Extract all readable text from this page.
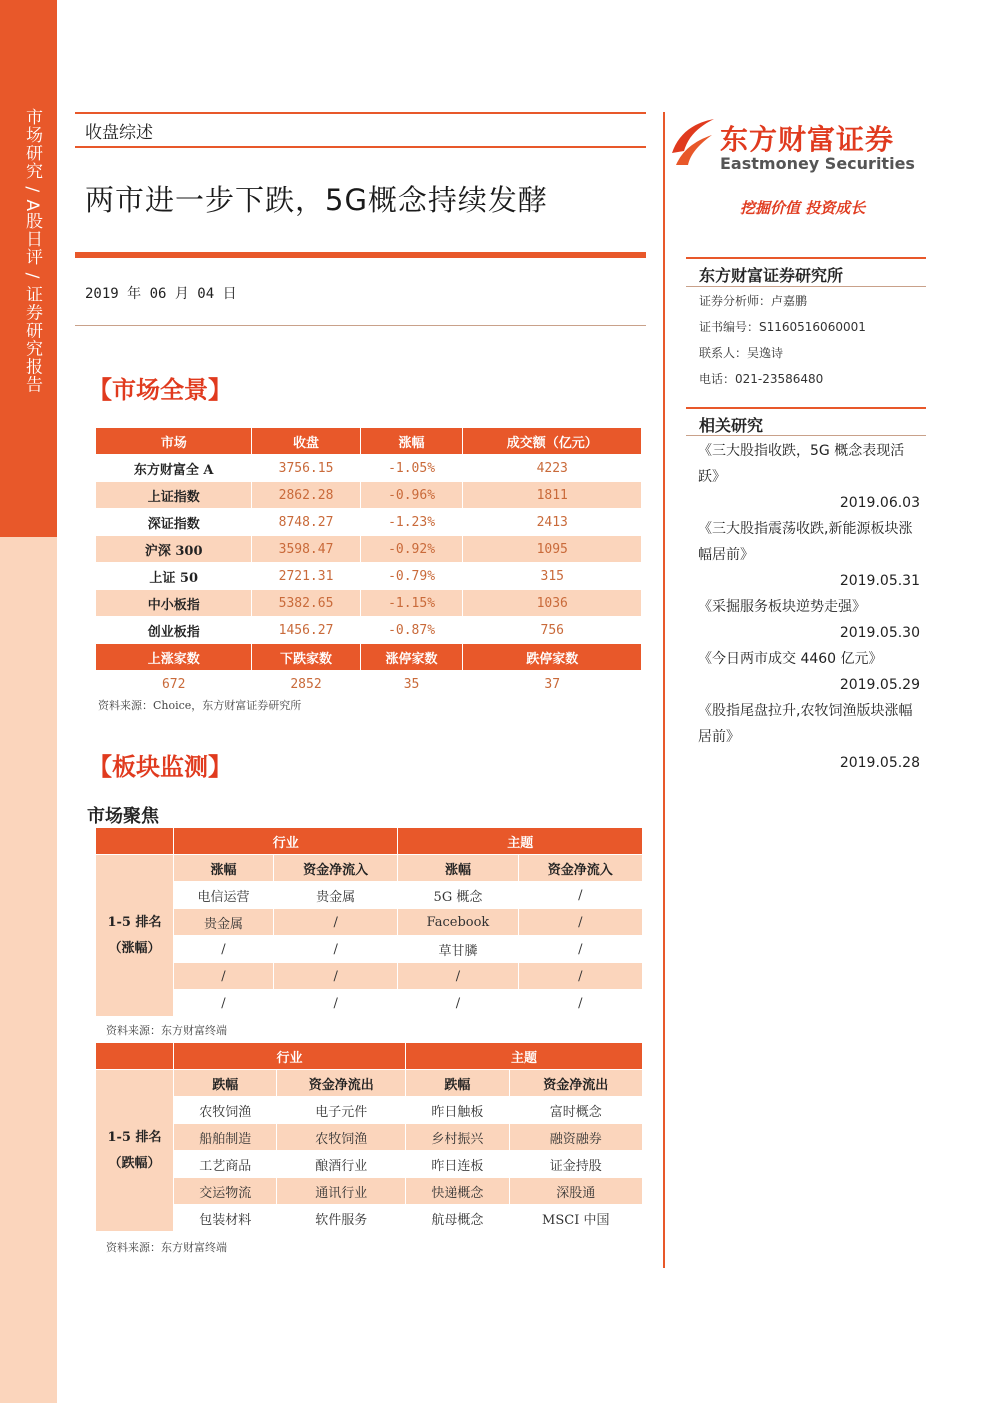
市场研究 / A股日评 / 证券研究报告	收盘综述
两市进一步下跌，5G概念持续发酵
2019 年 06 月 04 日
【市场全景】
市场	收盘	涨幅	成交额（亿元）
东方财富全 A	3756.15	-1.05%	4223
上证指数	2862.28	-0.96%	1811
深证指数	8748.27	-1.23%	2413
沪深 300	3598.47	-0.92%	1095
上证 50	2721.31	-0.79%	315
中小板指	5382.65	-1.15%	1036
创业板指	1456.27	-0.87%	756
上涨家数	下跌家数	涨停家数	跌停家数
672	2852	35	37
资料来源：Choice，东方财富证券研究所
【板块监测】
市场聚焦
	行业		主题	
1-5 排名（涨幅）	涨幅	资金净流入	涨幅	资金净流入
	电信运营	贵金属	5G 概念	/
	贵金属	/	Facebook	/
	/	/	草甘膦	/
	/	/	/	/
	/	/	/	/
资料来源：东方财富终端
	行业		主题	
1-5 排名（跌幅）	跌幅	资金净流出	跌幅	资金净流出
	农牧饲渔	电子元件	昨日触板	富时概念
	船舶制造	农牧饲渔	乡村振兴	融资融券
	工艺商品	酿酒行业	昨日连板	证金持股
	交运物流	通讯行业	快递概念	深股通
	包装材料	软件服务	航母概念	MSCI 中国
资料来源：东方财富终端
东方财富证券
Eastmoney Securities
挖掘价值 投资成长
东方财富证券研究所
证券分析师：卢嘉鹏
证书编号：S1160516060001
联系人：吴逸诗
电话：021-23586480
相关研究
《三大股指收跌，5G 概念表现活跃》
2019.06.03
《三大股指震荡收跌,新能源板块涨幅居前》
2019.05.31
《采掘服务板块逆势走强》
2019.05.30
《今日两市成交 4460 亿元》
2019.05.29
《股指尾盘拉升,农牧饲渔版块涨幅居前》
2019.05.28
